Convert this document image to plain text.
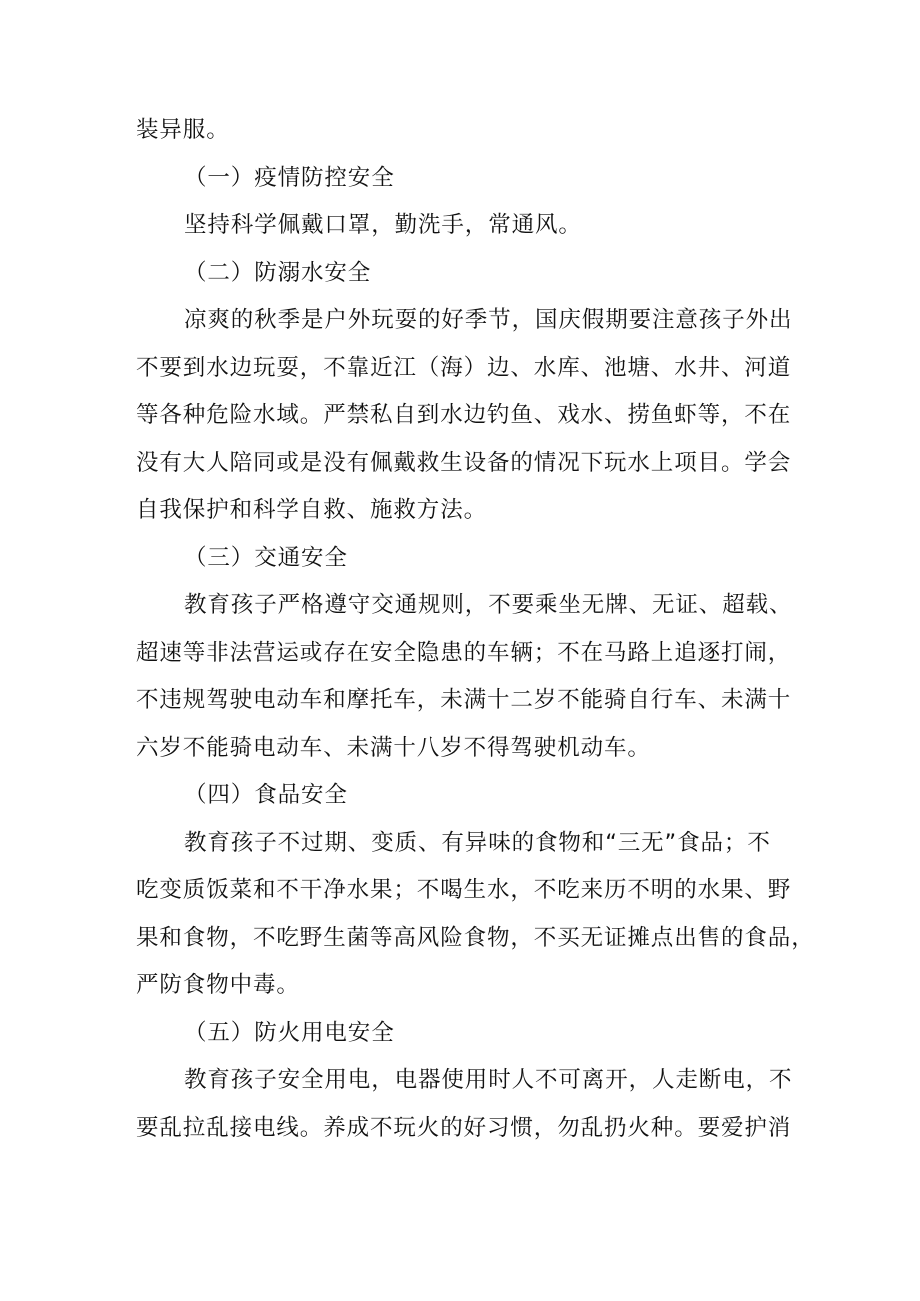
装异服。
（一）疫情防控安全
坚持科学佩戴口罩，勤洗手，常通风。
（二）防溺水安全
凉爽的秋季是户外玩耍的好季节，国庆假期要注意孩子外出
不要到水边玩耍，不靠近江（海）边、水库、池塘、水井、河道
等各种危险水域。严禁私自到水边钓鱼、戏水、捞鱼虾等，不在
没有大人陪同或是没有佩戴救生设备的情况下玩水上项目。学会
自我保护和科学自救、施救方法。
（三）交通安全
教育孩子严格遵守交通规则，不要乘坐无牌、无证、超载、
超速等非法营运或存在安全隐患的车辆；不在马路上追逐打闹，
不违规驾驶电动车和摩托车，未满十二岁不能骑自行车、未满十
六岁不能骑电动车、未满十八岁不得驾驶机动车。
（四）食品安全
教育孩子不过期、变质、有异味的食物和“三无”食品；不
吃变质饭菜和不干净水果；不喝生水，不吃来历不明的水果、野
果和食物，不吃野生菌等高风险食物，不买无证摊点出售的食品，
严防食物中毒。
（五）防火用电安全
教育孩子安全用电，电器使用时人不可离开，人走断电，不
要乱拉乱接电线。养成不玩火的好习惯，勿乱扔火种。要爱护消
